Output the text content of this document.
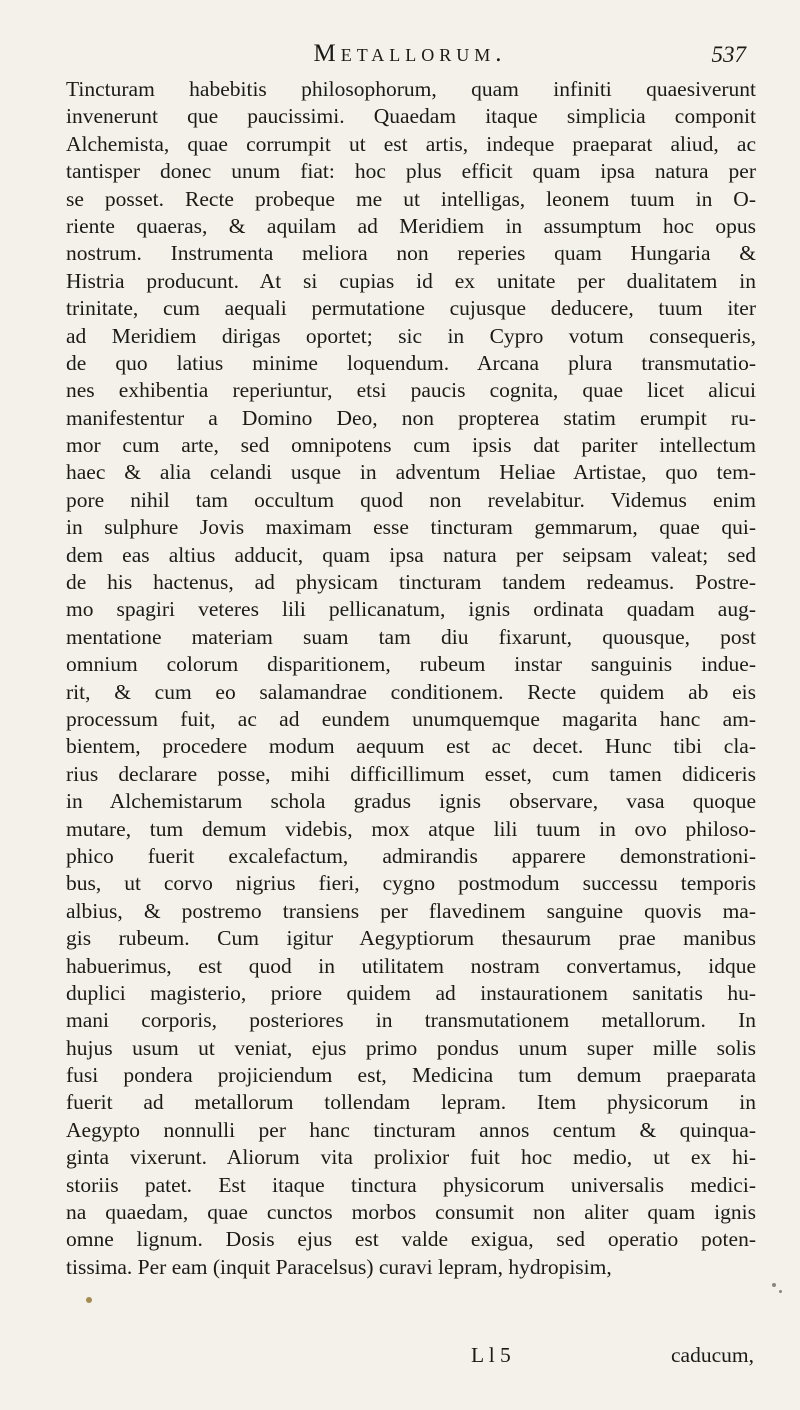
Metallorum.	537
Tincturam habebitis philosophorum, quam infiniti quaesiverunt
invenerunt que paucissimi. Quaedam itaque simplicia componit
Alchemista, quae corrumpit ut est artis, indeque praeparat aliud, ac
tantisper donec unum fiat: hoc plus efficit quam ipsa natura per
se posset. Recte probeque me ut intelligas, leonem tuum in O-
riente quaeras, & aquilam ad Meridiem in assumptum hoc opus
nostrum. Instrumenta meliora non reperies quam Hungaria &
Histria producunt. At si cupias id ex unitate per dualitatem in
trinitate, cum aequali permutatione cujusque deducere, tuum iter
ad Meridiem dirigas oportet; sic in Cypro votum consequeris,
de quo latius minime loquendum. Arcana plura transmutatio-
nes exhibentia reperiuntur, etsi paucis cognita, quae licet alicui
manifestentur a Domino Deo, non propterea statim erumpit ru-
mor cum arte, sed omnipotens cum ipsis dat pariter intellectum
haec & alia celandi usque in adventum Heliae Artistae, quo tem-
pore nihil tam occultum quod non revelabitur. Videmus enim
in sulphure Jovis maximam esse tincturam gemmarum, quae qui-
dem eas altius adducit, quam ipsa natura per seipsam valeat; sed
de his hactenus, ad physicam tincturam tandem redeamus. Postre-
mo spagiri veteres lili pellicanatum, ignis ordinata quadam aug-
mentatione materiam suam tam diu fixarunt, quousque, post
omnium colorum disparitionem, rubeum instar sanguinis indue-
rit, & cum eo salamandrae conditionem. Recte quidem ab eis
processum fuit, ac ad eundem unumquemque magarita hanc am-
bientem, procedere modum aequum est ac decet. Hunc tibi cla-
rius declarare posse, mihi difficillimum esset, cum tamen didiceris
in Alchemistarum schola gradus ignis observare, vasa quoque
mutare, tum demum videbis, mox atque lili tuum in ovo philoso-
phico fuerit excalefactum, admirandis apparere demonstrationi-
bus, ut corvo nigrius fieri, cygno postmodum successu temporis
albius, & postremo transiens per flavedinem sanguine quovis ma-
gis rubeum. Cum igitur Aegyptiorum thesaurum prae manibus
habuerimus, est quod in utilitatem nostram convertamus, idque
duplici magisterio, priore quidem ad instaurationem sanitatis hu-
mani corporis, posteriores in transmutationem metallorum. In
hujus usum ut veniat, ejus primo pondus unum super mille solis
fusi pondera projiciendum est, Medicina tum demum praeparata
fuerit ad metallorum tollendam lepram. Item physicorum in
Aegypto nonnulli per hanc tincturam annos centum & quinqua-
ginta vixerunt. Aliorum vita prolixior fuit hoc medio, ut ex hi-
storiis patet. Est itaque tinctura physicorum universalis medici-
na quaedam, quae cunctos morbos consumit non aliter quam ignis
omne lignum. Dosis ejus est valde exigua, sed operatio poten-
tissima. Per eam (inquit Paracelsus) curavi lepram, hydropisim,
L l 5	caducum,
